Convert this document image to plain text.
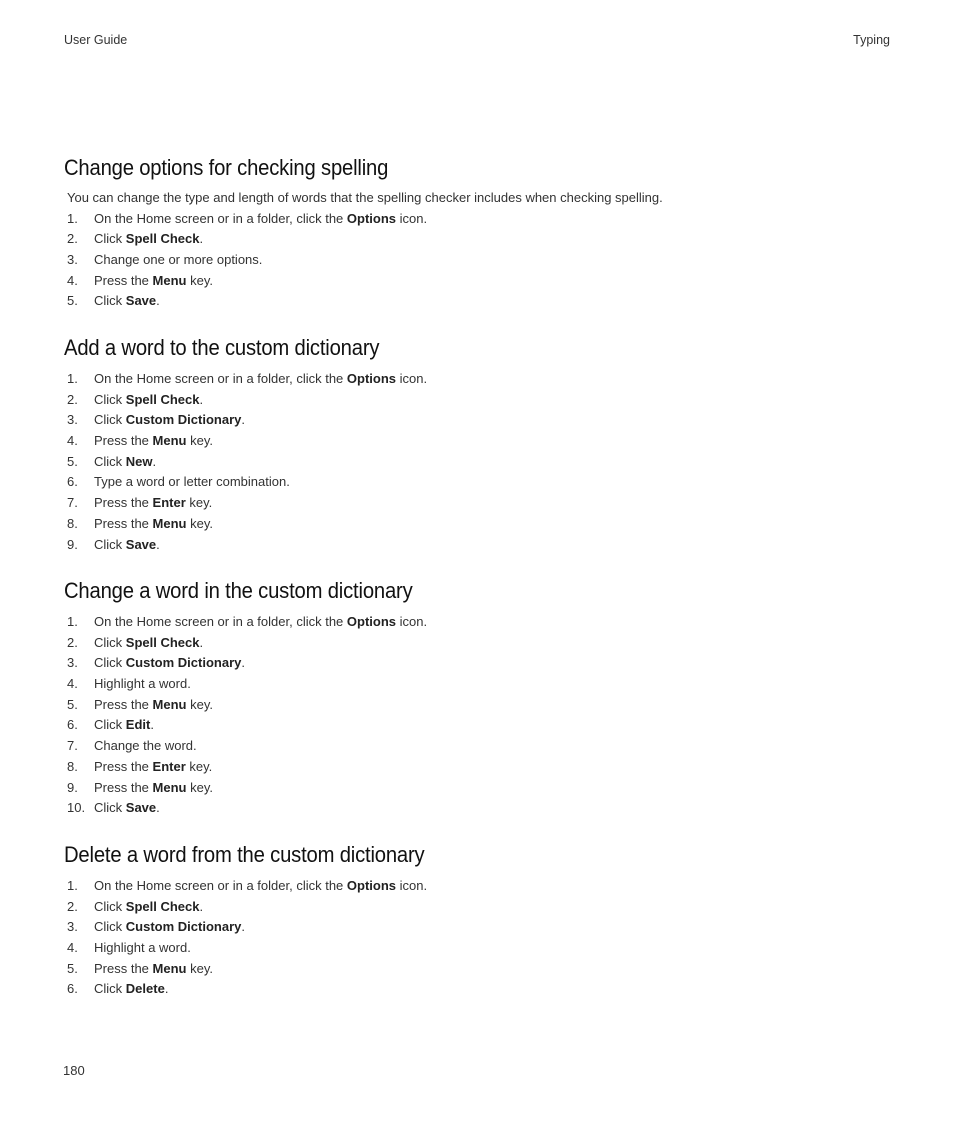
User Guide	Typing
Change options for checking spelling

You can change the type and length of words that the spelling checker includes when checking spelling.

1. On the Home screen or in a folder, click the Options icon.
2. Click Spell Check.
3. Change one or more options.
4. Press the Menu key.
5. Click Save.
Add a word to the custom dictionary
1. On the Home screen or in a folder, click the Options icon.
2. Click Spell Check.
3. Click Custom Dictionary.
4. Press the Menu key.
5. Click New.
6. Type a word or letter combination.
7. Press the Enter key.
8. Press the Menu key.
9. Click Save.
Change a word in the custom dictionary
1. On the Home screen or in a folder, click the Options icon.
2. Click Spell Check.
3. Click Custom Dictionary.
4. Highlight a word.
5. Press the Menu key.
6. Click Edit.
7. Change the word.
8. Press the Enter key.
9. Press the Menu key.
10. Click Save.
Delete a word from the custom dictionary
1. On the Home screen or in a folder, click the Options icon.
2. Click Spell Check.
3. Click Custom Dictionary.
4. Highlight a word.
5. Press the Menu key.
6. Click Delete.
180
